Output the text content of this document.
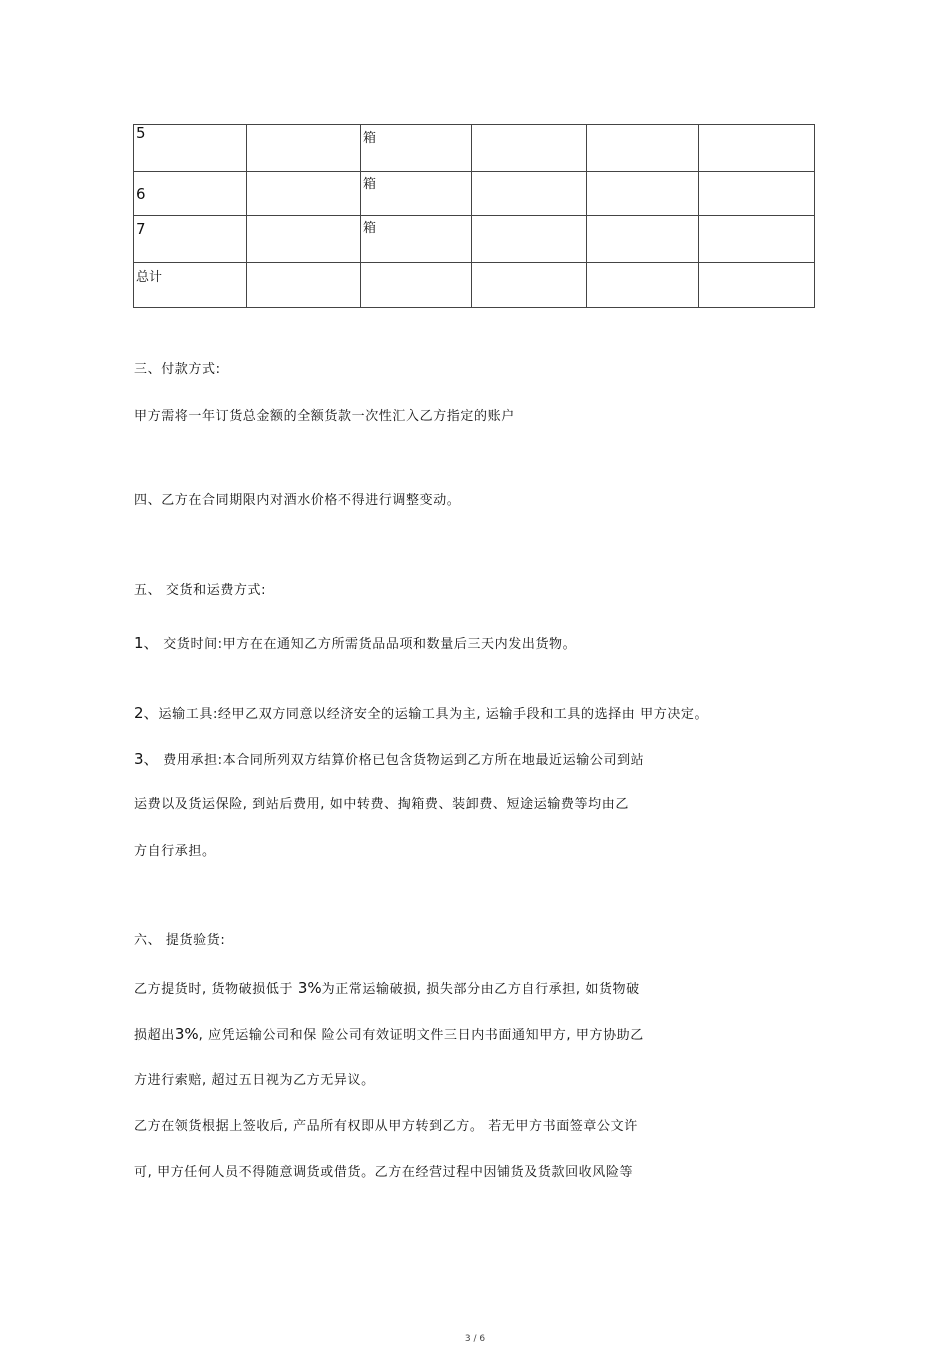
5		箱			
6		箱			
7		箱			
总计					
三、付款方式:
甲方需将一年订货总金额的全额货款一次性汇入乙方指定的账户
四、乙方在合同期限内对酒水价格不得进行调整变动。
五、 交货和运费方式:
1、 交货时间:甲方在在通知乙方所需货品品项和数量后三天内发出货物。
2、运输工具:经甲乙双方同意以经济安全的运输工具为主, 运输手段和工具的选择由 甲方决定。
3、 费用承担:本合同所列双方结算价格已包含货物运到乙方所在地最近运输公司到站
运费以及货运保险, 到站后费用, 如中转费、掏箱费、装卸费、短途运输费等均由乙
方自行承担。
六、 提货验货:
乙方提货时, 货物破损低于 3%为正常运输破损, 损失部分由乙方自行承担, 如货物破
损超出3%, 应凭运输公司和保 险公司有效证明文件三日内书面通知甲方, 甲方协助乙
方进行索赔, 超过五日视为乙方无异议。
乙方在领货根据上签收后, 产品所有权即从甲方转到乙方。 若无甲方书面签章公文许
可, 甲方任何人员不得随意调货或借货。乙方在经营过程中因铺货及货款回收风险等
3 / 6
